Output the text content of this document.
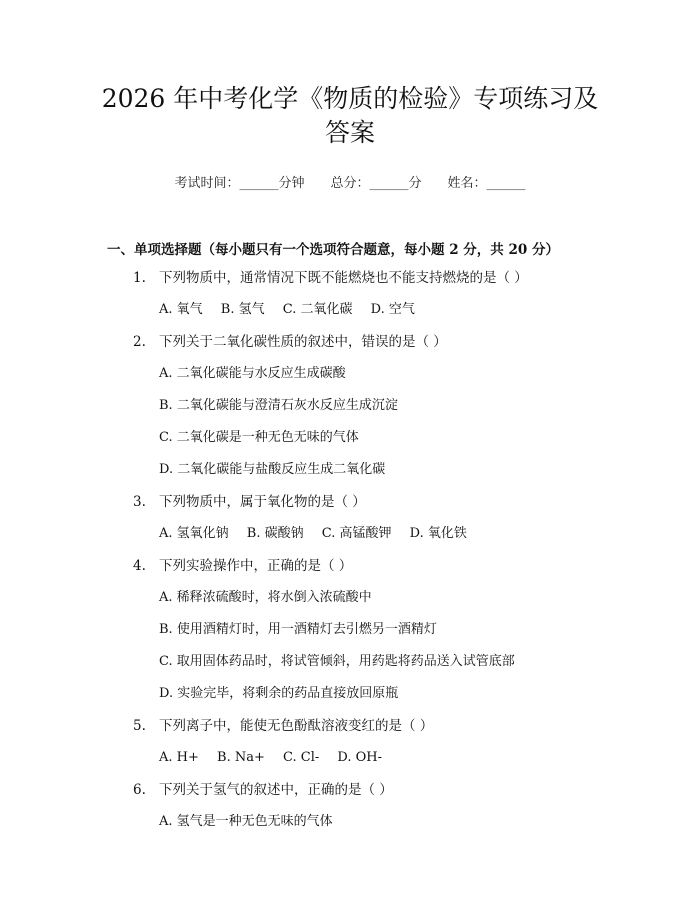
2026 年中考化学《物质的检验》专项练习及
答案
考试时间：______分钟 总分：______分 姓名：______
一、单项选择题（每小题只有一个选项符合题意，每小题 2 分，共 20 分）
1. 下列物质中，通常情况下既不能燃烧也不能支持燃烧的是（ ）
A. 氧气 B. 氢气 C. 二氧化碳 D. 空气
2. 下列关于二氧化碳性质的叙述中，错误的是（ ）
A. 二氧化碳能与水反应生成碳酸
B. 二氧化碳能与澄清石灰水反应生成沉淀
C. 二氧化碳是一种无色无味的气体
D. 二氧化碳能与盐酸反应生成二氧化碳
3. 下列物质中，属于氧化物的是（ ）
A. 氢氧化钠 B. 碳酸钠 C. 高锰酸钾 D. 氧化铁
4. 下列实验操作中，正确的是（ ）
A. 稀释浓硫酸时，将水倒入浓硫酸中
B. 使用酒精灯时，用一酒精灯去引燃另一酒精灯
C. 取用固体药品时，将试管倾斜，用药匙将药品送入试管底部
D. 实验完毕，将剩余的药品直接放回原瓶
5. 下列离子中，能使无色酚酞溶液变红的是（ ）
A. H+ B. Na+ C. Cl- D. OH-
6. 下列关于氢气的叙述中，正确的是（ ）
A. 氢气是一种无色无味的气体
